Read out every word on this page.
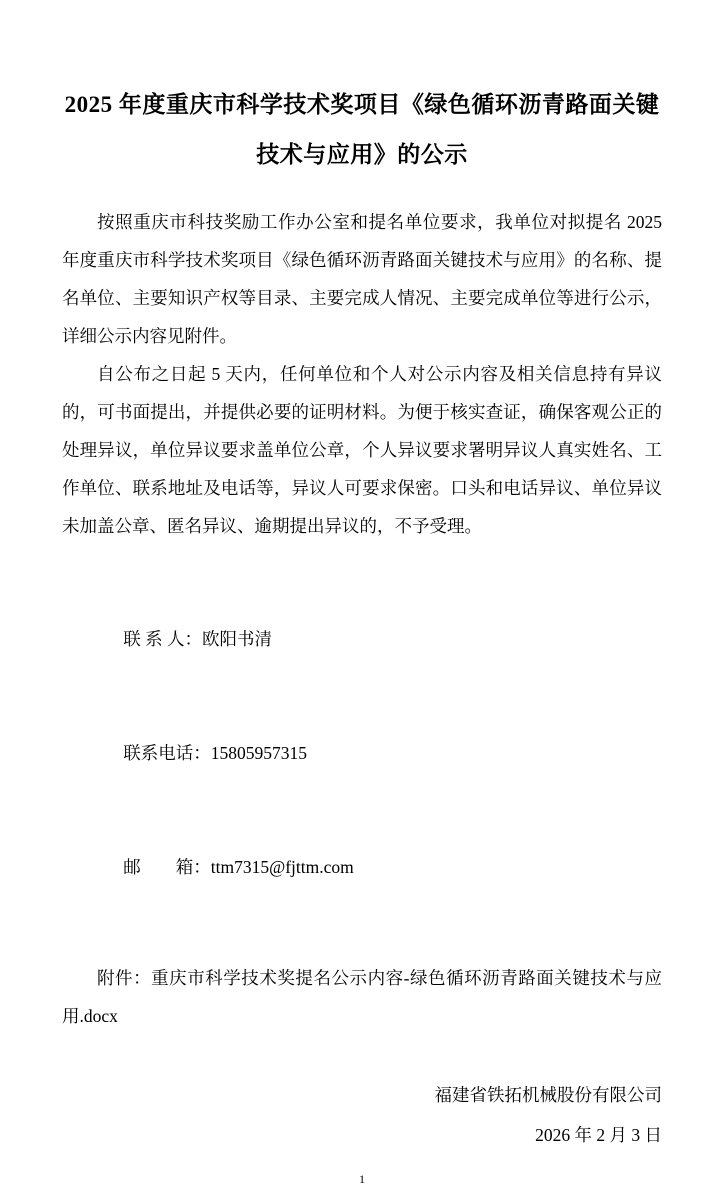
2025 年度重庆市科学技术奖项目《绿色循环沥青路面关键技术与应用》的公示

按照重庆市科技奖励工作办公室和提名单位要求，我单位对拟提名 2025 年度重庆市科学技术奖项目《绿色循环沥青路面关键技术与应用》的名称、提名单位、主要知识产权等目录、主要完成人情况、主要完成单位等进行公示，详细公示内容见附件。

自公布之日起 5 天内，任何单位和个人对公示内容及相关信息持有异议的，可书面提出，并提供必要的证明材料。为便于核实查证，确保客观公正的处理异议，单位异议要求盖单位公章，个人异议要求署明异议人真实姓名、工作单位、联系地址及电话等，异议人可要求保密。口头和电话异议、单位异议未加盖公章、匿名异议、逾期提出异议的，不予受理。

联 系 人：欧阳书清

联系电话：15805957315

邮　　箱：ttm7315@fjttm.com

附件：重庆市科学技术奖提名公示内容-绿色循环沥青路面关键技术与应用.docx

福建省铁拓机械股份有限公司
2026 年 2 月 3 日
1
